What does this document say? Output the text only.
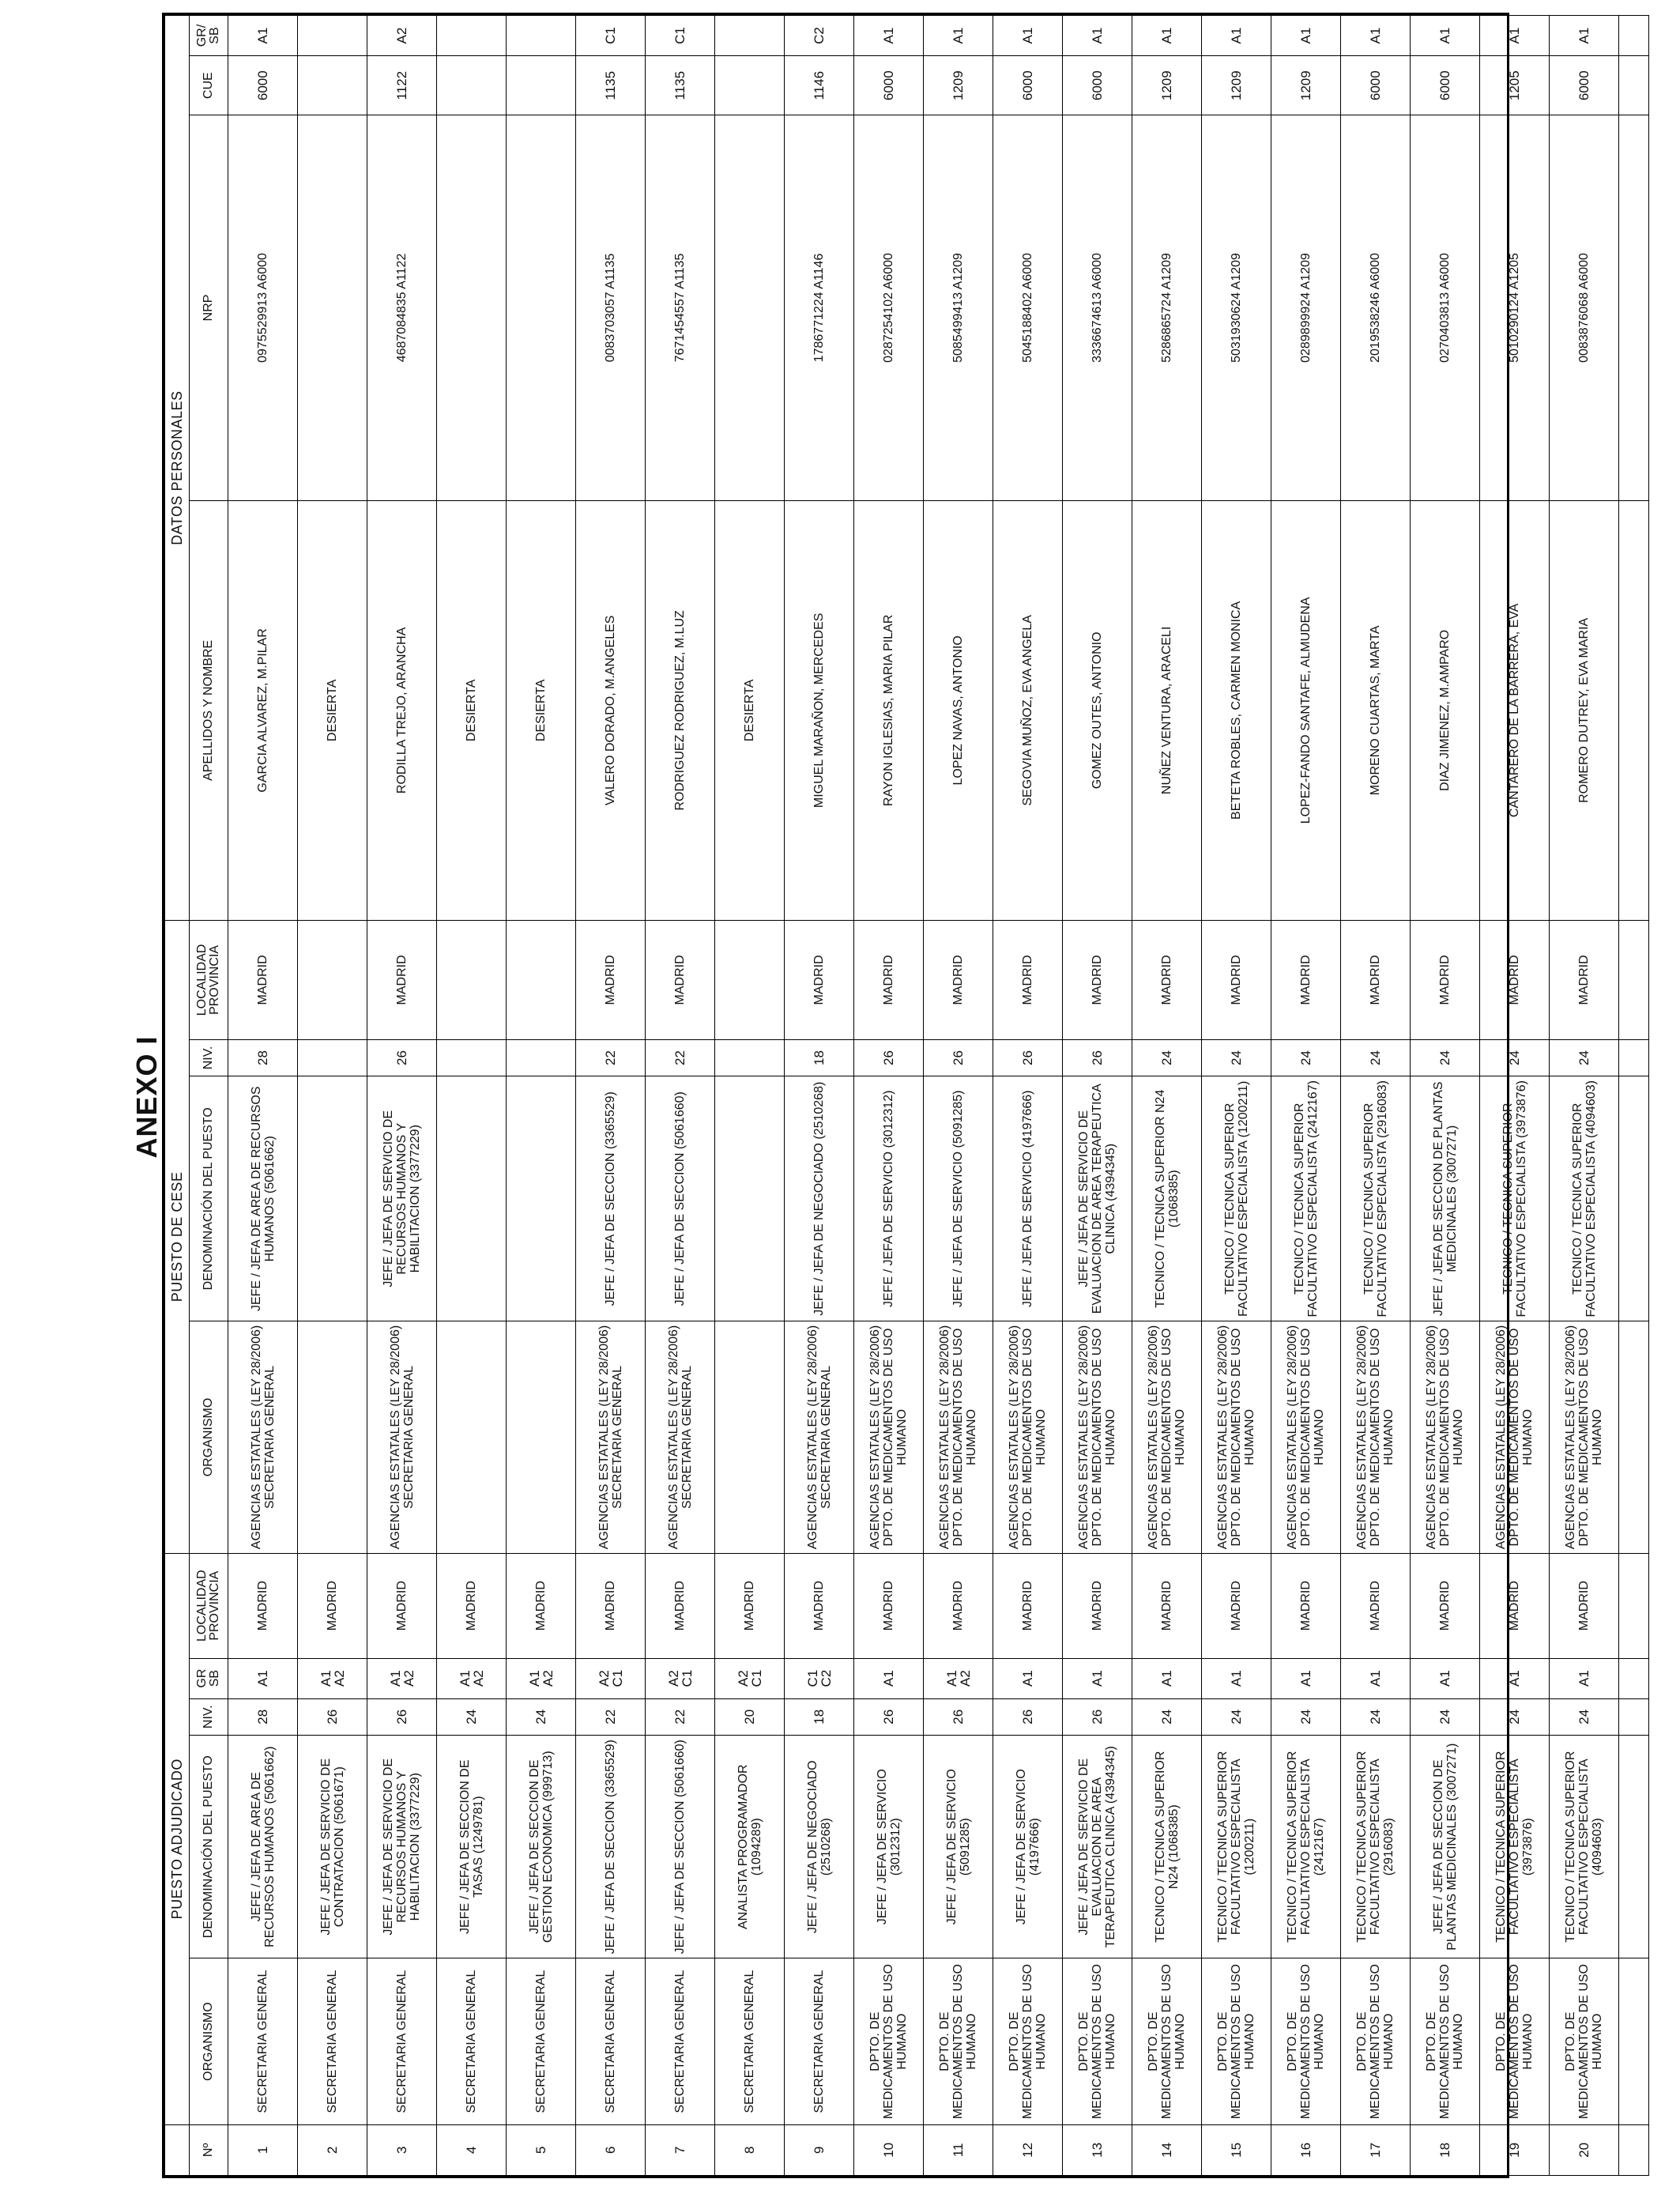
ANEXO I
	PUESTO ADJUDICADO					PUESTO DE CESE				DATOS PERSONALES			
Nº	ORGANISMO	DENOMINACIÓN DEL PUESTO	NIV.	GR SB	LOCALIDAD PROVINCIA	ORGANISMO	DENOMINACIÓN DEL PUESTO	NIV.	LOCALIDAD PROVINCIA	APELLIDOS Y NOMBRE	NRP	CUE	GR/ SB
1	SECRETARIA GENERAL	JEFE / JEFA DE AREA DE RECURSOS HUMANOS (5061662)	28	A1	MADRID	AGENCIAS ESTATALES (LEY 28/2006) SECRETARIA GENERAL	JEFE / JEFA DE AREA DE RECURSOS HUMANOS (5061662)	28	MADRID	GARCIA ALVAREZ, M.PILAR	0975529913 A6000	6000	A1
2	SECRETARIA GENERAL	JEFE / JEFA DE SERVICIO DE CONTRATACION (5061671)	26	A1 A2	MADRID					DESIERTA			
3	SECRETARIA GENERAL	JEFE / JEFA DE SERVICIO DE RECURSOS HUMANOS Y HABILITACION (3377229)	26	A1 A2	MADRID	AGENCIAS ESTATALES (LEY 28/2006) SECRETARIA GENERAL	JEFE / JEFA DE SERVICIO DE RECURSOS HUMANOS Y HABILITACION (3377229)	26	MADRID	RODILLA TREJO, ARANCHA	4687084835 A1122	1122	A2
4	SECRETARIA GENERAL	JEFE / JEFA DE SECCION DE TASAS (1249781)	24	A1 A2	MADRID					DESIERTA			
5	SECRETARIA GENERAL	JEFE / JEFA DE SECCION DE GESTION ECONOMICA (999713)	24	A1 A2	MADRID					DESIERTA			
6	SECRETARIA GENERAL	JEFE / JEFA DE SECCION (3365529)	22	A2 C1	MADRID	AGENCIAS ESTATALES (LEY 28/2006) SECRETARIA GENERAL	JEFE / JEFA DE SECCION (3365529)	22	MADRID	VALERO DORADO, M.ANGELES	0083703057 A1135	1135	C1
7	SECRETARIA GENERAL	JEFE / JEFA DE SECCION (5061660)	22	A2 C1	MADRID	AGENCIAS ESTATALES (LEY 28/2006) SECRETARIA GENERAL	JEFE / JEFA DE SECCION (5061660)	22	MADRID	RODRIGUEZ RODRIGUEZ, M.LUZ	7671454557 A1135	1135	C1
8	SECRETARIA GENERAL	ANALISTA PROGRAMADOR (1094289)	20	A2 C1	MADRID					DESIERTA			
9	SECRETARIA GENERAL	JEFE / JEFA DE NEGOCIADO (2510268)	18	C1 C2	MADRID	AGENCIAS ESTATALES (LEY 28/2006) SECRETARIA GENERAL	JEFE / JEFA DE NEGOCIADO (2510268)	18	MADRID	MIGUEL MARAÑON, MERCEDES	1786771224 A1146	1146	C2
10	DPTO. DE MEDICAMENTOS DE USO HUMANO	JEFE / JEFA DE SERVICIO (3012312)	26	A1	MADRID	AGENCIAS ESTATALES (LEY 28/2006) DPTO. DE MEDICAMENTOS DE USO HUMANO	JEFE / JEFA DE SERVICIO (3012312)	26	MADRID	RAYON IGLESIAS, MARIA PILAR	0287254102 A6000	6000	A1
11	DPTO. DE MEDICAMENTOS DE USO HUMANO	JEFE / JEFA DE SERVICIO (5091285)	26	A1 A2	MADRID	AGENCIAS ESTATALES (LEY 28/2006) DPTO. DE MEDICAMENTOS DE USO HUMANO	JEFE / JEFA DE SERVICIO (5091285)	26	MADRID	LOPEZ NAVAS, ANTONIO	5085499413 A1209	1209	A1
12	DPTO. DE MEDICAMENTOS DE USO HUMANO	JEFE / JEFA DE SERVICIO (4197666)	26	A1	MADRID	AGENCIAS ESTATALES (LEY 28/2006) DPTO. DE MEDICAMENTOS DE USO HUMANO	JEFE / JEFA DE SERVICIO (4197666)	26	MADRID	SEGOVIA MUÑOZ, EVA ANGELA	5045188402 A6000	6000	A1
13	DPTO. DE MEDICAMENTOS DE USO HUMANO	JEFE / JEFA DE SERVICIO DE EVALUACION DE AREA TERAPEUTICA CLINICA (4394345)	26	A1	MADRID	AGENCIAS ESTATALES (LEY 28/2006) DPTO. DE MEDICAMENTOS DE USO HUMANO	JEFE / JEFA DE SERVICIO DE EVALUACION DE AREA TERAPEUTICA CLINICA (4394345)	26	MADRID	GOMEZ OUTES, ANTONIO	3336674613 A6000	6000	A1
14	DPTO. DE MEDICAMENTOS DE USO HUMANO	TECNICO / TECNICA SUPERIOR N24 (1068385)	24	A1	MADRID	AGENCIAS ESTATALES (LEY 28/2006) DPTO. DE MEDICAMENTOS DE USO HUMANO	TECNICO / TECNICA SUPERIOR N24 (1068385)	24	MADRID	NUÑEZ VENTURA, ARACELI	5286865724 A1209	1209	A1
15	DPTO. DE MEDICAMENTOS DE USO HUMANO	TECNICO / TECNICA SUPERIOR FACULTATIVO ESPECIALISTA (1200211)	24	A1	MADRID	AGENCIAS ESTATALES (LEY 28/2006) DPTO. DE MEDICAMENTOS DE USO HUMANO	TECNICO / TECNICA SUPERIOR FACULTATIVO ESPECIALISTA (1200211)	24	MADRID	BETETA ROBLES, CARMEN MONICA	5031930624 A1209	1209	A1
16	DPTO. DE MEDICAMENTOS DE USO HUMANO	TECNICO / TECNICA SUPERIOR FACULTATIVO ESPECIALISTA (2412167)	24	A1	MADRID	AGENCIAS ESTATALES (LEY 28/2006) DPTO. DE MEDICAMENTOS DE USO HUMANO	TECNICO / TECNICA SUPERIOR FACULTATIVO ESPECIALISTA (2412167)	24	MADRID	LOPEZ-FANDO SANTAFE, ALMUDENA	0289899924 A1209	1209	A1
17	DPTO. DE MEDICAMENTOS DE USO HUMANO	TECNICO / TECNICA SUPERIOR FACULTATIVO ESPECIALISTA (2916083)	24	A1	MADRID	AGENCIAS ESTATALES (LEY 28/2006) DPTO. DE MEDICAMENTOS DE USO HUMANO	TECNICO / TECNICA SUPERIOR FACULTATIVO ESPECIALISTA (2916083)	24	MADRID	MORENO CUARTAS, MARTA	2019538246 A6000	6000	A1
18	DPTO. DE MEDICAMENTOS DE USO HUMANO	JEFE / JEFA DE SECCION DE PLANTAS MEDICINALES (3007271)	24	A1	MADRID	AGENCIAS ESTATALES (LEY 28/2006) DPTO. DE MEDICAMENTOS DE USO HUMANO	JEFE / JEFA DE SECCION DE PLANTAS MEDICINALES (3007271)	24	MADRID	DIAZ JIMENEZ, M.AMPARO	0270403813 A6000	6000	A1
19	DPTO. DE MEDICAMENTOS DE USO HUMANO	TECNICO / TECNICA SUPERIOR FACULTATIVO ESPECIALISTA (3973876)	24	A1	MADRID	AGENCIAS ESTATALES (LEY 28/2006) DPTO. DE MEDICAMENTOS DE USO HUMANO	TECNICO / TECNICA SUPERIOR FACULTATIVO ESPECIALISTA (3973876)	24	MADRID	CANTARERO DE LA BARRERA, EVA	5010290124 A1205	1205	A1
20	DPTO. DE MEDICAMENTOS DE USO HUMANO	TECNICO / TECNICA SUPERIOR FACULTATIVO ESPECIALISTA (4094603)	24	A1	MADRID	AGENCIAS ESTATALES (LEY 28/2006) DPTO. DE MEDICAMENTOS DE USO HUMANO	TECNICO / TECNICA SUPERIOR FACULTATIVO ESPECIALISTA (4094603)	24	MADRID	ROMERO DUTREY, EVA MARIA	0083876068 A6000	6000	A1
